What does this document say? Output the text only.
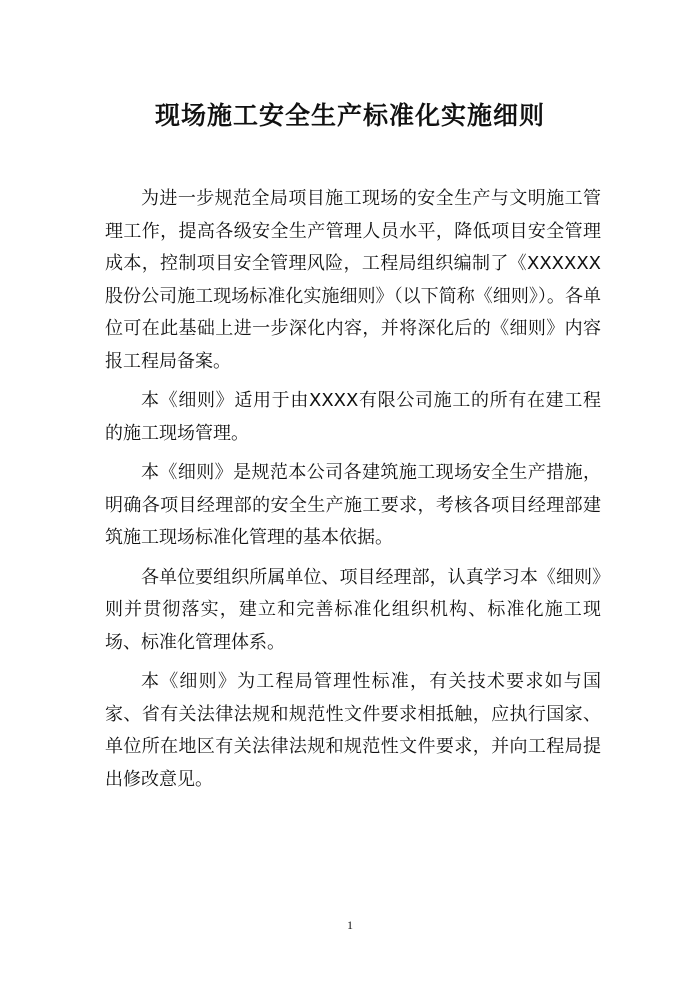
现场施工安全生产标准化实施细则

为进一步规范全局项目施工现场的安全生产与文明施工管理工作，提高各级安全生产管理人员水平，降低项目安全管理成本，控制项目安全管理风险，工程局组织编制了《XXXXXX股份公司施工现场标准化实施细则》（以下简称《细则》）。各单位可在此基础上进一步深化内容，并将深化后的《细则》内容报工程局备案。

本《细则》适用于由XXXX有限公司施工的所有在建工程的施工现场管理。

本《细则》是规范本公司各建筑施工现场安全生产措施，明确各项目经理部的安全生产施工要求，考核各项目经理部建筑施工现场标准化管理的基本依据。

各单位要组织所属单位、项目经理部，认真学习本《细则》则并贯彻落实，建立和完善标准化组织机构、标准化施工现场、标准化管理体系。

本《细则》为工程局管理性标准，有关技术要求如与国家、省有关法律法规和规范性文件要求相抵触，应执行国家、单位所在地区有关法律法规和规范性文件要求，并向工程局提出修改意见。

1
